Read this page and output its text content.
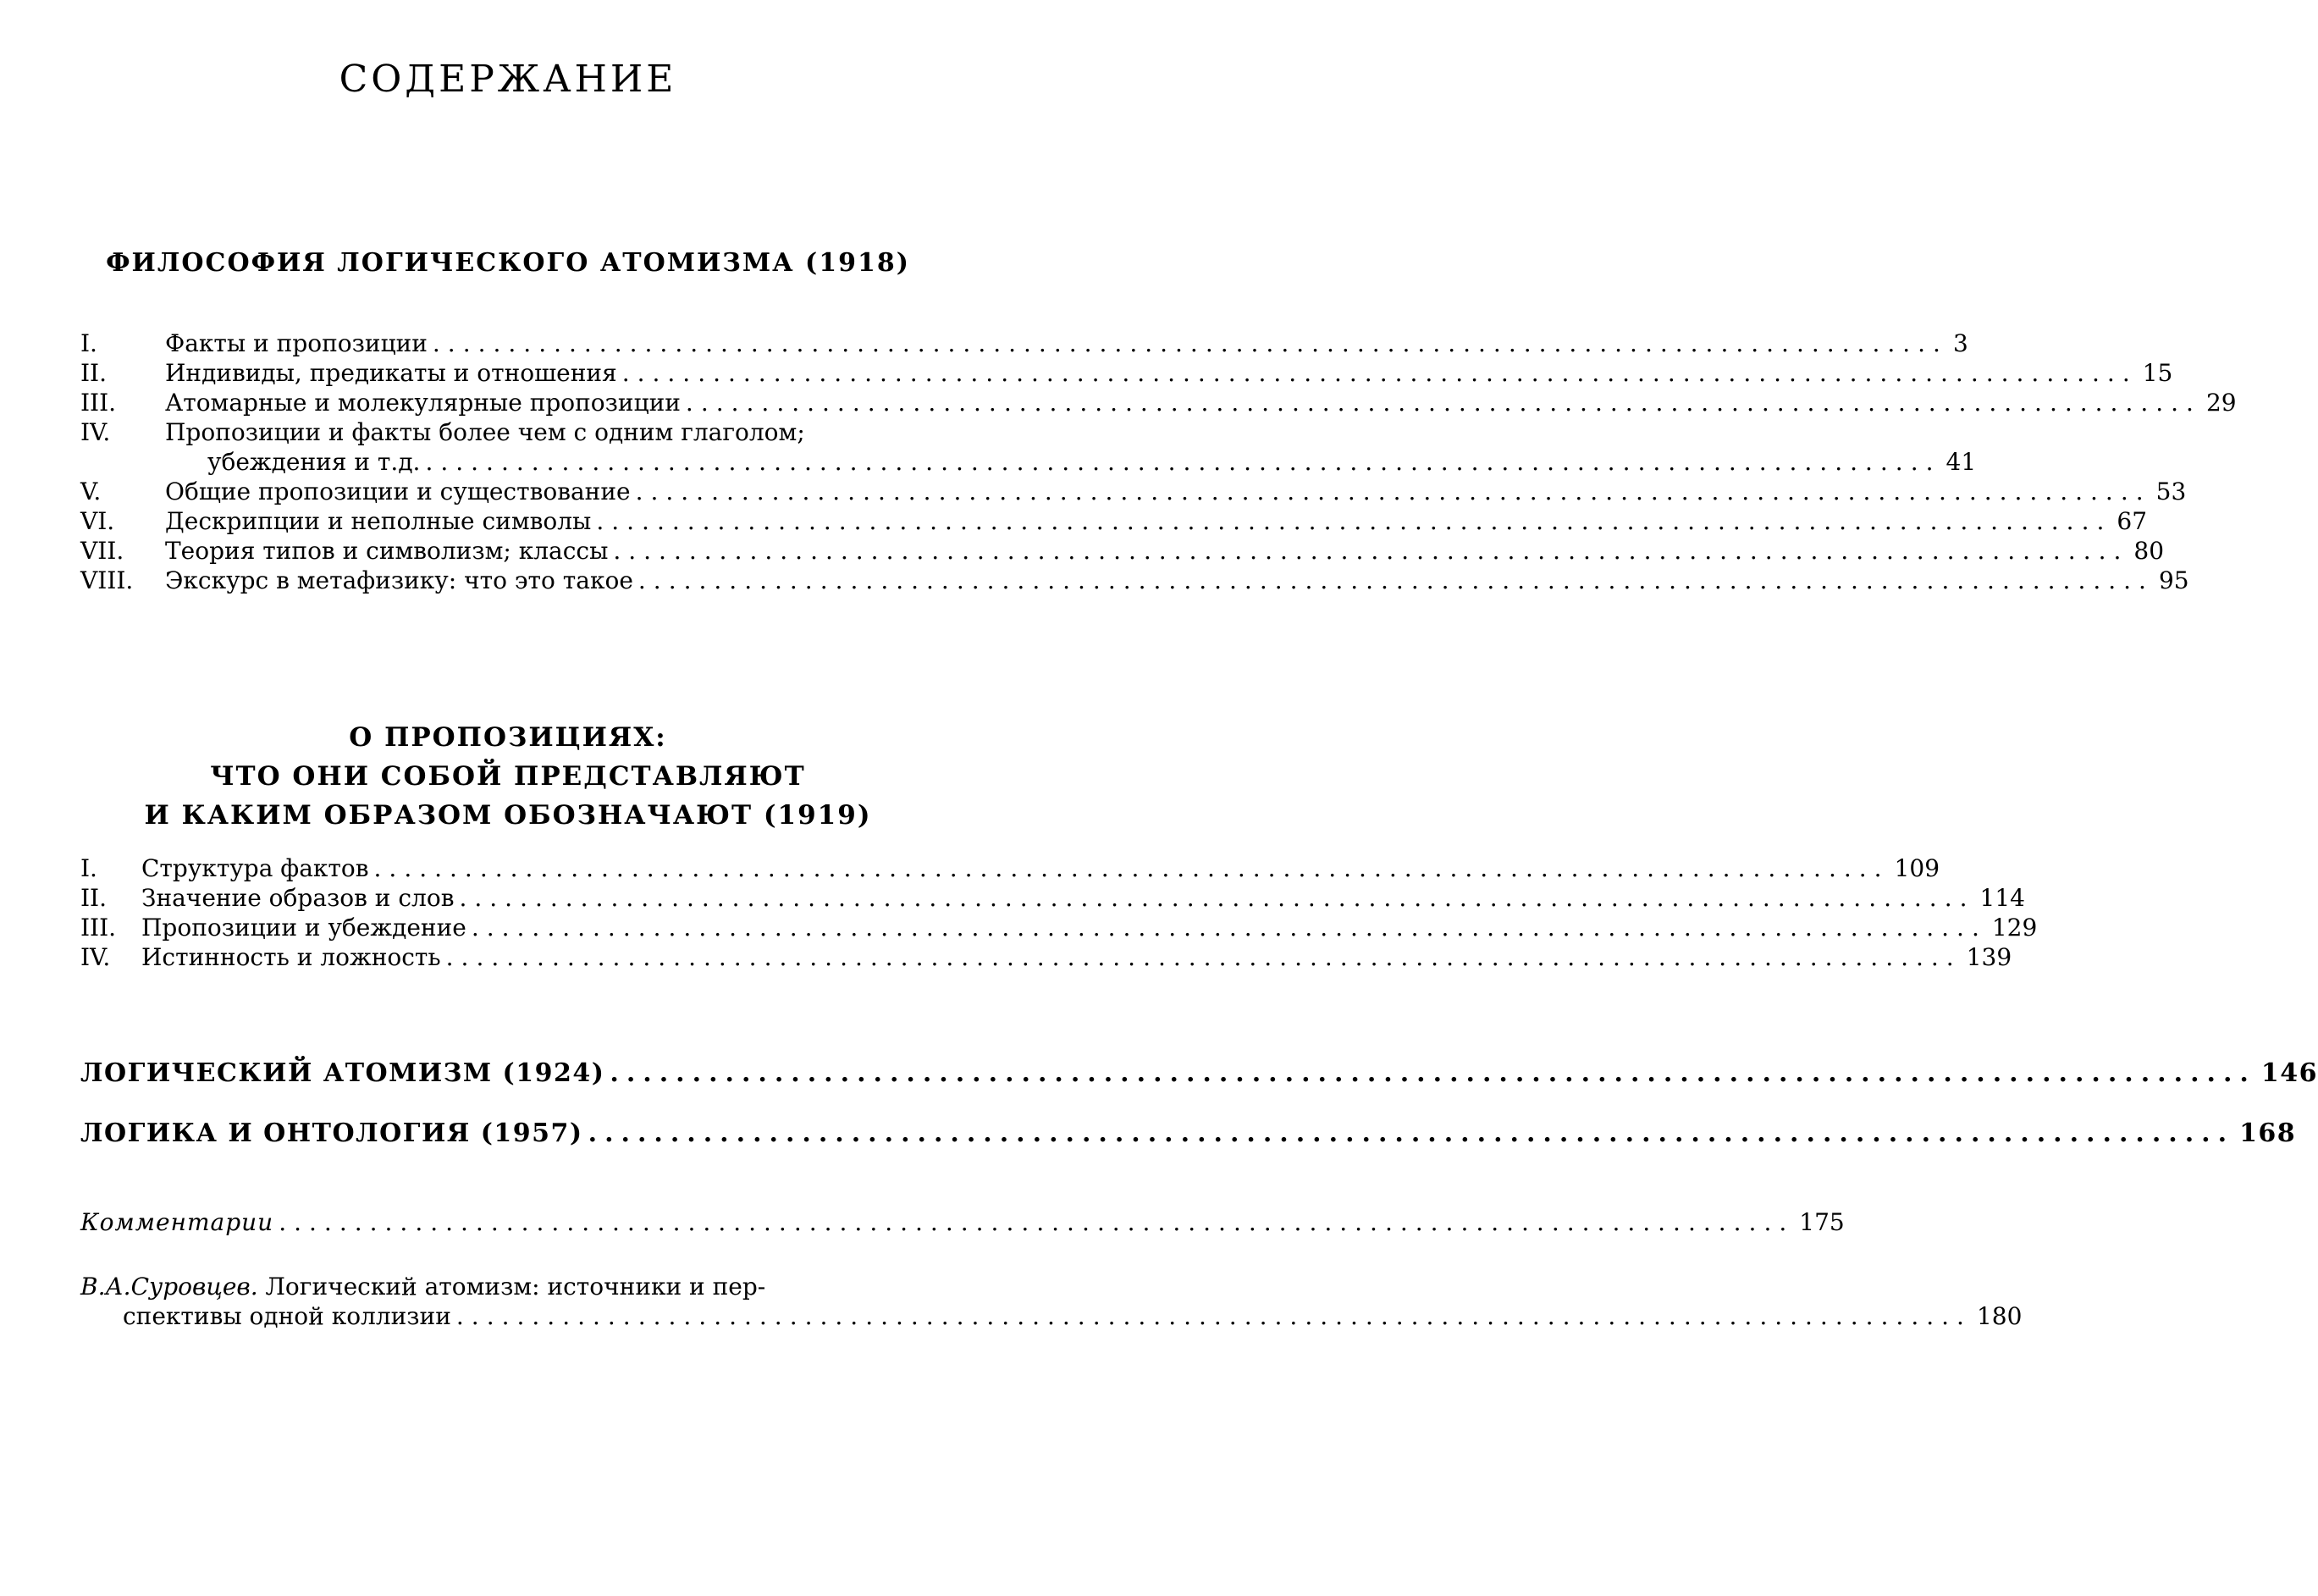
СОДЕРЖАНИЕ
ФИЛОСОФИЯ ЛОГИЧЕСКОГО АТОМИЗМА (1918)
I.	Факты и пропозиции .................................................................................................... 3
II.	Индивиды, предикаты и отношения .................................................................................................... 15
III.	Атомарные и молекулярные пропозиции .................................................................................................... 29
IV. Пропозиции и факты более чем с одним глаголом;
убеждения и т.д. .................................................................................................... 41
V.	Общие пропозиции и существование .................................................................................................... 53
VI.	Дескрипции и неполные символы .................................................................................................... 67
VII.	Теория типов и символизм; классы .................................................................................................... 80
VIII.	Экскурс в метафизику: что это такое .................................................................................................... 95
О ПРОПОЗИЦИЯХ:
ЧТО ОНИ СОБОЙ ПРЕДСТАВЛЯЮТ
И КАКИМ ОБРАЗОМ ОБОЗНАЧАЮТ (1919)
I.	Структура фактов .................................................................................................... 109
II.	Значение образов и слов .................................................................................................... 114
III.	Пропозиции и убеждение .................................................................................................... 129
IV.	Истинность и ложность .................................................................................................... 139
ЛОГИЧЕСКИЙ АТОМИЗМ (1924) .................................................................................................... 146
ЛОГИКА И ОНТОЛОГИЯ (1957) .................................................................................................... 168
Комментарии .................................................................................................... 175
В.А.Суровцев. Логический атомизм: источники и пер-
спективы одной коллизии .................................................................................................... 180
